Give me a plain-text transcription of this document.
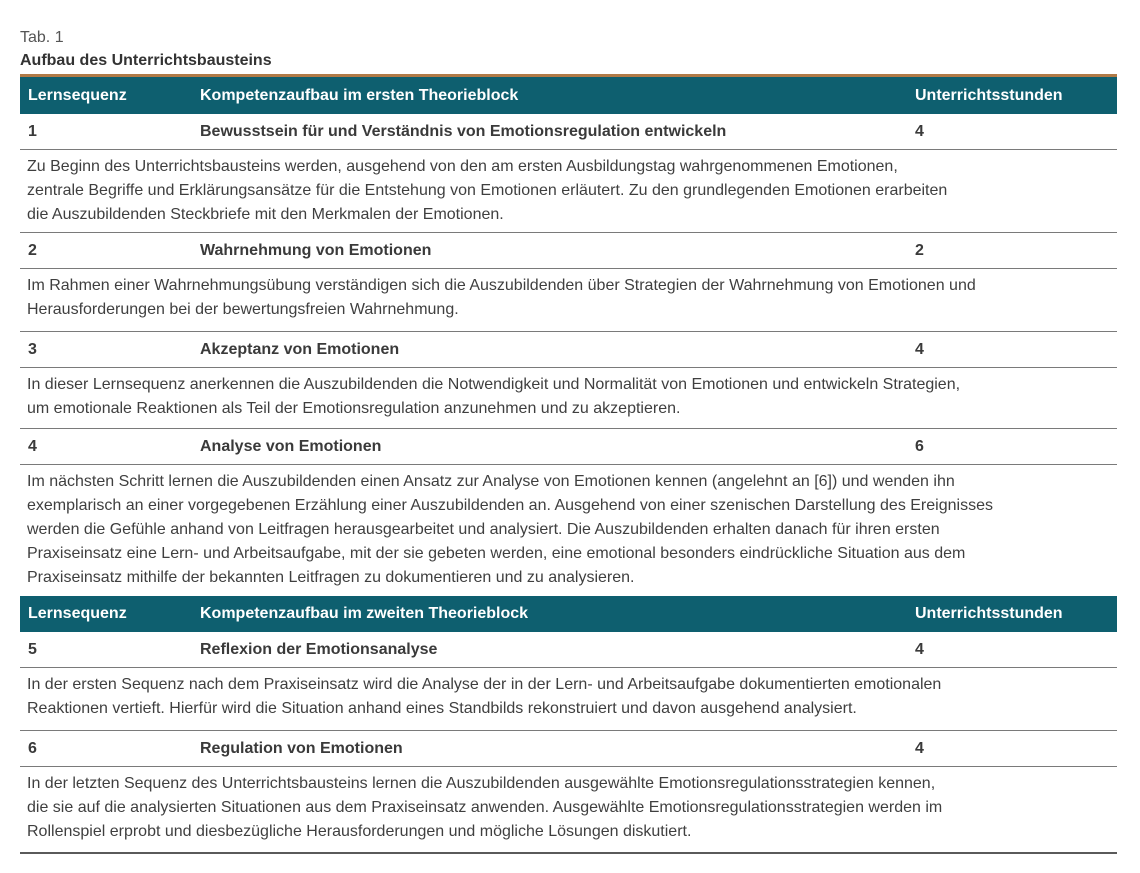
Tab. 1
Aufbau des Unterrichtsbausteins
Lernsequenz	Kompetenzaufbau im ersten Theorieblock	Unterrichtsstunden
1	Bewusstsein für und Verständnis von Emotionsregulation entwickeln	4
Zu Beginn des Unterrichtsbausteins werden, ausgehend von den am ersten Ausbildungstag wahrgenommenen Emotionen,
zentrale Begriffe und Erklärungsansätze für die Entstehung von Emotionen erläutert. Zu den grundlegenden Emotionen erarbeiten
die Auszubildenden Steckbriefe mit den Merkmalen der Emotionen.
2	Wahrnehmung von Emotionen	2
Im Rahmen einer Wahrnehmungsübung verständigen sich die Auszubildenden über Strategien der Wahrnehmung von Emotionen und
Herausforderungen bei der bewertungsfreien Wahrnehmung.
3	Akzeptanz von Emotionen	4
In dieser Lernsequenz anerkennen die Auszubildenden die Notwendigkeit und Normalität von Emotionen und entwickeln Strategien,
um emotionale Reaktionen als Teil der Emotionsregulation anzunehmen und zu akzeptieren.
4	Analyse von Emotionen	6
Im nächsten Schritt lernen die Auszubildenden einen Ansatz zur Analyse von Emotionen kennen (angelehnt an [6]) und wenden ihn
exemplarisch an einer vorgegebenen Erzählung einer Auszubildenden an. Ausgehend von einer szenischen Darstellung des Ereignisses
werden die Gefühle anhand von Leitfragen herausgearbeitet und analysiert. Die Auszubildenden erhalten danach für ihren ersten
Praxiseinsatz eine Lern- und Arbeitsaufgabe, mit der sie gebeten werden, eine emotional besonders eindrückliche Situation aus dem
Praxiseinsatz mithilfe der bekannten Leitfragen zu dokumentieren und zu analysieren.
Lernsequenz	Kompetenzaufbau im zweiten Theorieblock	Unterrichtsstunden
5	Reflexion der Emotionsanalyse	4
In der ersten Sequenz nach dem Praxiseinsatz wird die Analyse der in der Lern- und Arbeitsaufgabe dokumentierten emotionalen
Reaktionen vertieft. Hierfür wird die Situation anhand eines Standbilds rekonstruiert und davon ausgehend analysiert.
6	Regulation von Emotionen	4
In der letzten Sequenz des Unterrichtsbausteins lernen die Auszubildenden ausgewählte Emotionsregulationsstrategien kennen,
die sie auf die analysierten Situationen aus dem Praxiseinsatz anwenden. Ausgewählte Emotionsregulationsstrategien werden im
Rollenspiel erprobt und diesbezügliche Herausforderungen und mögliche Lösungen diskutiert.
